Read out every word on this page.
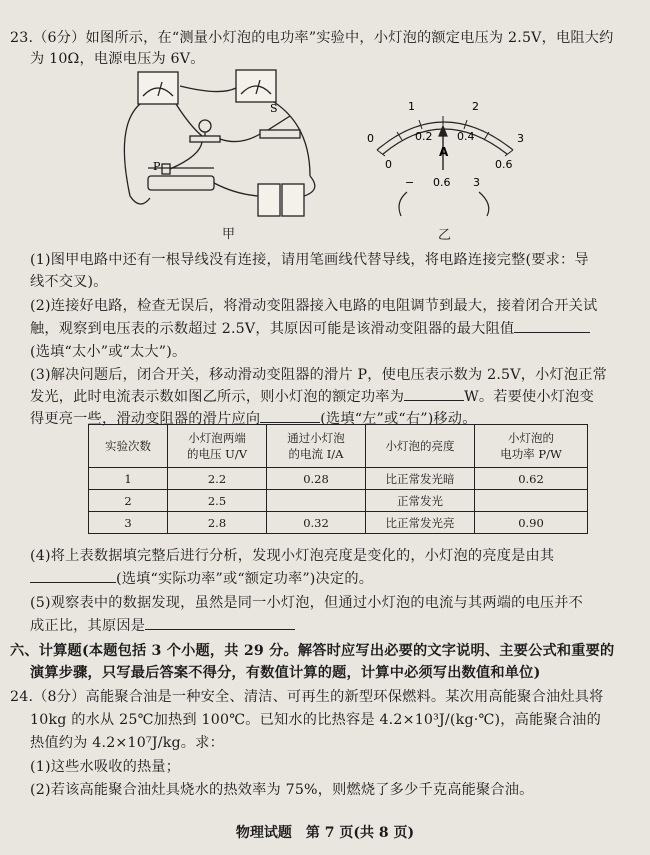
23.（6分）如图所示，在“测量小灯泡的电功率”实验中，小灯泡的额定电压为 2.5V，电阻大约
为 10Ω，电源电压为 6V。
P
S
甲
0
1	2
3
0
0.2 0.4
0.6
A
− 0.6 3
乙
(1)图甲电路中还有一根导线没有连接，请用笔画线代替导线，将电路连接完整(要求：导
线不交叉)。
(2)连接好电路，检查无误后，将滑动变阻器接入电路的电阻调节到最大，接着闭合开关试
触，观察到电压表的示数超过 2.5V，其原因可能是该滑动变阻器的最大阻值
(选填“太小”或“太大”)。
(3)解决问题后，闭合开关，移动滑动变阻器的滑片 P，使电压表示数为 2.5V，小灯泡正常
发光，此时电流表示数如图乙所示，则小灯泡的额定功率为	W。若要使小灯泡变
得更亮一些，滑动变阻器的滑片应向	(选填“左”或“右”)移动。
实验次数	小灯泡两端
的电压 U/V	通过小灯泡
的电流 I/A	小灯泡的亮度	小灯泡的
电功率 P/W
1	2.2	0.28	比正常发光暗	0.62
2	2.5		正常发光	
3	2.8	0.32	比正常发光亮	0.90
(4)将上表数据填完整后进行分析，发现小灯泡亮度是变化的，小灯泡的亮度是由其
(选填“实际功率”或“额定功率”)决定的。
(5)观察表中的数据发现，虽然是同一小灯泡，但通过小灯泡的电流与其两端的电压并不
成正比，其原因是
六、计算题(本题包括 3 个小题，共 29 分。解答时应写出必要的文字说明、主要公式和重要的
演算步骤，只写最后答案不得分，有数值计算的题，计算中必须写出数值和单位)
24.（8分）高能聚合油是一种安全、清洁、可再生的新型环保燃料。某次用高能聚合油灶具将
10kg 的水从 25℃加热到 100℃。已知水的比热容是 4.2×10³J/(kg·℃)，高能聚合油的
热值约为 4.2×10⁷J/kg。求：
(1)这些水吸收的热量；
(2)若该高能聚合油灶具烧水的热效率为 75%，则燃烧了多少千克高能聚合油。
物理试题　第 7 页(共 8 页)
